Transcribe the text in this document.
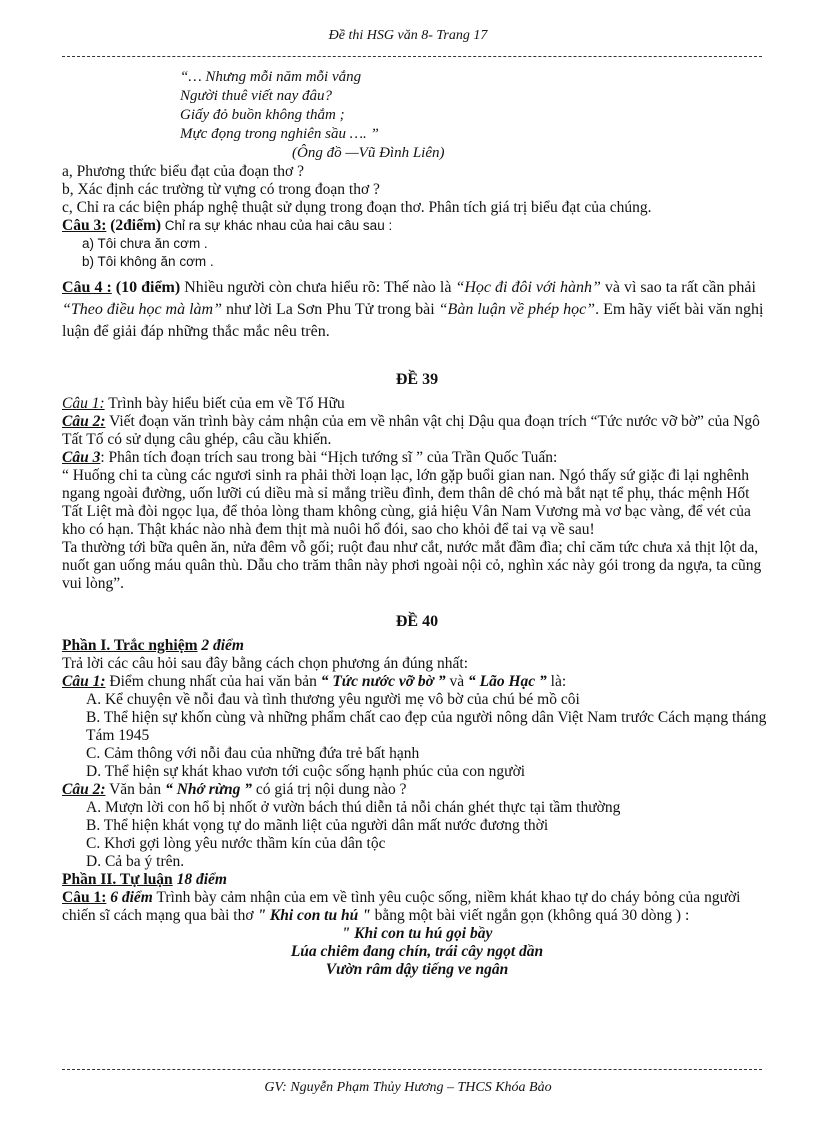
Đề thi HSG văn 8- Trang 17
“… Nhưng mỗi năm mỗi vắng
Người thuê viết nay đâu?
Giấy đỏ buồn không thắm ;
Mực đọng trong nghiên sầu …. ”
(Ông đồ —Vũ Đình Liên)

a, Phương thức biểu đạt của đoạn thơ ?

b, Xác định các trường từ vựng có trong đoạn thơ ?

c, Chỉ ra các biện pháp nghệ thuật sử dụng trong đoạn thơ. Phân tích giá trị biểu đạt của chúng.

Câu 3: (2điểm) Chỉ ra sự khác nhau của hai câu sau :

a) Tôi chưa ăn cơm .

b) Tôi không ăn cơm .

Câu 4 : (10 điểm) Nhiều người còn chưa hiểu rõ: Thế nào là “Học đi đôi với hành” và vì sao ta rất cần phải “Theo điều học mà làm” như lời La Sơn Phu Tử trong bài “Bàn luận về phép học”. Em hãy viết bài văn nghị luận để giải đáp những thắc mắc nêu trên.

ĐỀ 39

Câu 1: Trình bày hiểu biết của em về Tố Hữu

Câu 2: Viết đoạn văn trình bày cảm nhận của em về nhân vật chị Dậu qua đoạn trích “Tức nước vỡ bờ” của Ngô Tất Tố có sử dụng câu ghép, câu cầu khiến.

Câu 3: Phân tích đoạn trích sau trong bài “Hịch tướng sĩ ” của Trần Quốc Tuấn:

“ Huống chi ta cùng các ngươi sinh ra phải thời loạn lạc, lớn gặp buổi gian nan. Ngó thấy sứ giặc đi lại nghênh ngang ngoài đường, uốn lưỡi cú diều mà sỉ mắng triều đình, đem thân dê chó mà bắt nạt tể phụ, thác mệnh Hốt Tất Liệt mà đòi ngọc lụa, để thỏa lòng tham không cùng, giả hiệu Vân Nam Vương mà vơ bạc vàng, để vét của kho có hạn. Thật khác nào nhà đem thịt mà nuôi hổ đói, sao cho khỏi để tai vạ về sau!

Ta thường tới bữa quên ăn, nửa đêm vỗ gối; ruột đau như cắt, nước mắt đầm đìa; chỉ căm tức chưa xả thịt lột da, nuốt gan uống máu quân thù. Dẫu cho trăm thân này phơi ngoài nội cỏ, nghìn xác này gói trong da ngựa, ta cũng vui lòng”.

ĐỀ 40

Phần I. Trắc nghiệm 2 điểm

Trả lời các câu hỏi sau đây bằng cách chọn phương án đúng nhất:

Câu 1: Điểm chung nhất của hai văn bản “ Tức nước vỡ bờ ” và “ Lão Hạc ” là:

A. Kể chuyện về nỗi đau và tình thương yêu người mẹ vô bờ của chú bé mồ côi

B. Thể hiện sự khốn cùng và những phẩm chất cao đẹp của người nông dân Việt Nam trước Cách mạng tháng Tám 1945

C. Cảm thông với nỗi đau của những đứa trẻ bất hạnh

D. Thể hiện sự khát khao vươn tới cuộc sống hạnh phúc của con người

Câu 2: Văn bản “ Nhớ rừng ” có giá trị nội dung nào ?

A. Mượn lời con hổ bị nhốt ở vườn bách thú diễn tả nỗi chán ghét thực tại tầm thường

B. Thể hiện khát vọng tự do mãnh liệt của người dân mất nước đương thời

C. Khơi gợi lòng yêu nước thầm kín của dân tộc

D. Cả ba ý trên.

Phần II. Tự luận 18 điểm

Câu 1: 6 điểm Trình bày cảm nhận của em về tình yêu cuộc sống, niềm khát khao tự do cháy bỏng của người chiến sĩ cách mạng qua bài thơ " Khi con tu hú " bằng một bài viết ngắn gọn (không quá 30 dòng ) :

" Khi con tu hú gọi bầy
Lúa chiêm đang chín, trái cây ngọt dần
Vườn râm dậy tiếng ve ngân
GV: Nguyễn Phạm Thủy Hương – THCS Khóa Bảo
